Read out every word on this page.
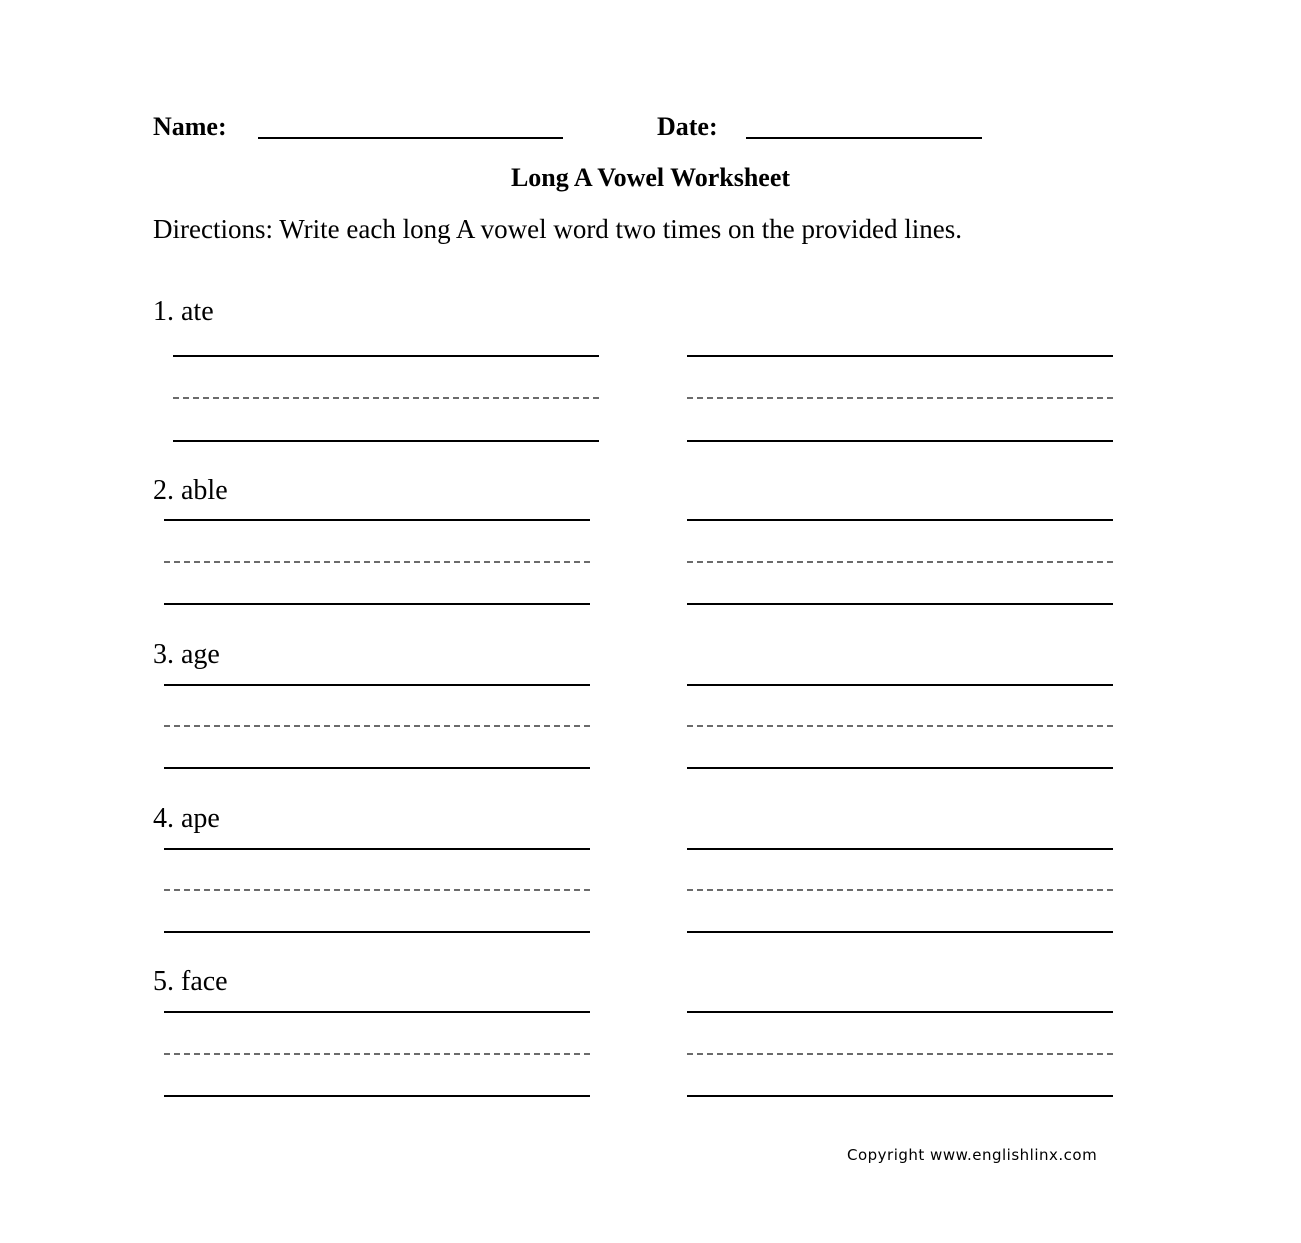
Name:	Date:
Long A Vowel Worksheet
Directions: Write each long A vowel word two times on the provided lines.
1. ate
2. able
3. age
4. ape
5. face
Copyright www.englishlinx.com
